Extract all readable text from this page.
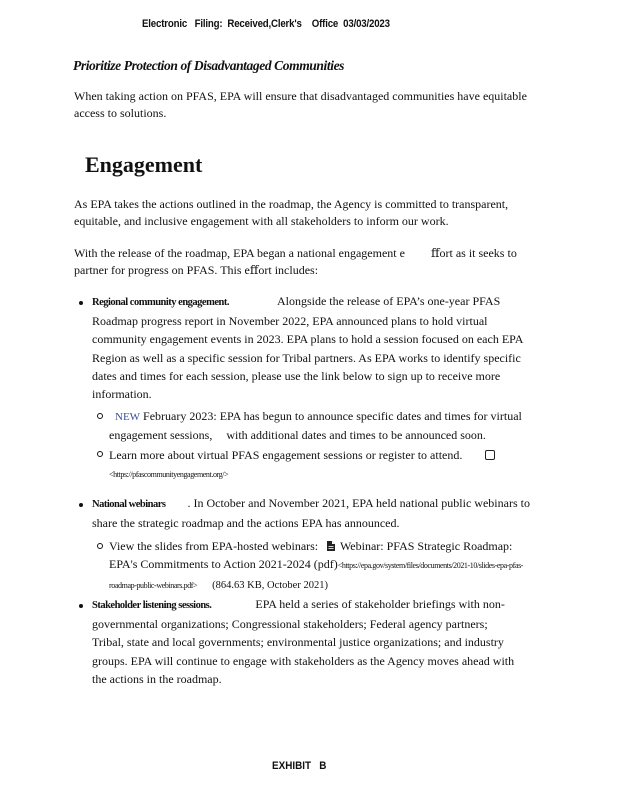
Electronic   Filing:  Received,Clerk's    Office  03/03/2023
Prioritize Protection of Disadvantaged Communities
When taking action on PFAS, EPA will ensure that disadvantaged communities have equitable access to solutions.
Engagement
As EPA takes the actions outlined in the roadmap, the Agency is committed to transparent, equitable, and inclusive engagement with all stakeholders to inform our work.
With the release of the roadmap, EPA began a national engagement e ﬀort as it seeks to
partner for progress on PFAS. This eﬀort includes:
Regional community engagement.	Alongside the release of EPA’s one-year PFAS Roadmap progress report in November 2022, EPA announced plans to hold virtual community engagement events in 2023. EPA plans to hold a session focused on each EPA Region as well as a specific session for Tribal partners. As EPA works to identify specific dates and times for each session, please use the link below to sign up to receive more information.
NEW February 2023: EPA has begun to announce specific dates and times for virtual engagement sessions, with additional dates and times to be announced soon.
Learn more about virtual PFAS engagement sessions or register to attend.
<https://pfascommunityengagement.org/>
National webinars . In October and November 2021, EPA held national public webinars to share the strategic roadmap and the actions EPA has announced.
View the slides from EPA-hosted webinars: Webinar: PFAS Strategic Roadmap: EPA's Commitments to Action 2021-2024 (pdf)<https://epa.gov/system/files/documents/2021-10/slides-epa-pfas-roadmap-public-webinars.pdf> (864.63 KB, October 2021)
Stakeholder listening sessions.	EPA held a series of stakeholder briefings with non-governmental organizations; Congressional stakeholders; Federal agency partners; Tribal, state and local governments; environmental justice organizations; and industry groups. EPA will continue to engage with stakeholders as the Agency moves ahead with the actions in the roadmap.
EXHIBIT   B
